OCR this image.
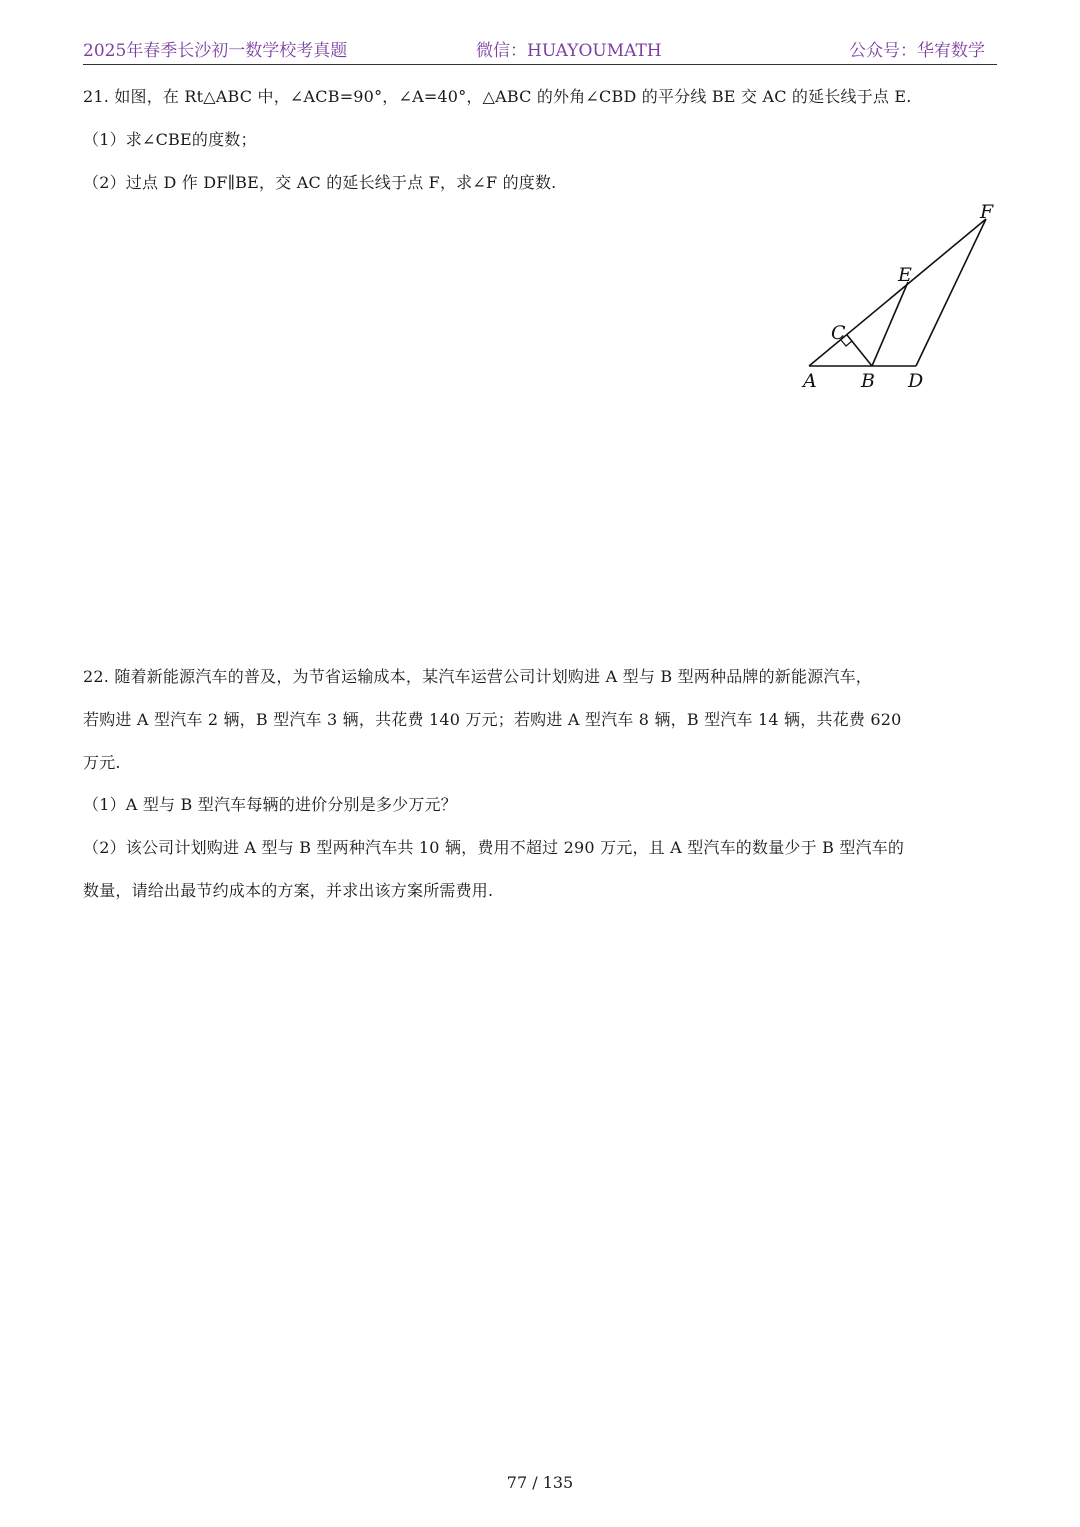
2025年春季长沙初一数学校考真题	微信：HUAYOUMATH	公众号：华宥数学
21. 如图，在 Rt△ABC 中，∠ACB=90°，∠A=40°，△ABC 的外角∠CBD 的平分线 BE 交 AC 的延长线于点 E.
（1）求∠CBE的度数；
（2）过点 D 作 DF∥BE，交 AC 的延长线于点 F，求∠F 的度数.
A B D
C
E
F
22. 随着新能源汽车的普及，为节省运输成本，某汽车运营公司计划购进 A 型与 B 型两种品牌的新能源汽车，
若购进 A 型汽车 2 辆，B 型汽车 3 辆，共花费 140 万元；若购进 A 型汽车 8 辆，B 型汽车 14 辆，共花费 620
万元.
（1）A 型与 B 型汽车每辆的进价分别是多少万元？
（2）该公司计划购进 A 型与 B 型两种汽车共 10 辆，费用不超过 290 万元，且 A 型汽车的数量少于 B 型汽车的
数量，请给出最节约成本的方案，并求出该方案所需费用.
77 / 135
